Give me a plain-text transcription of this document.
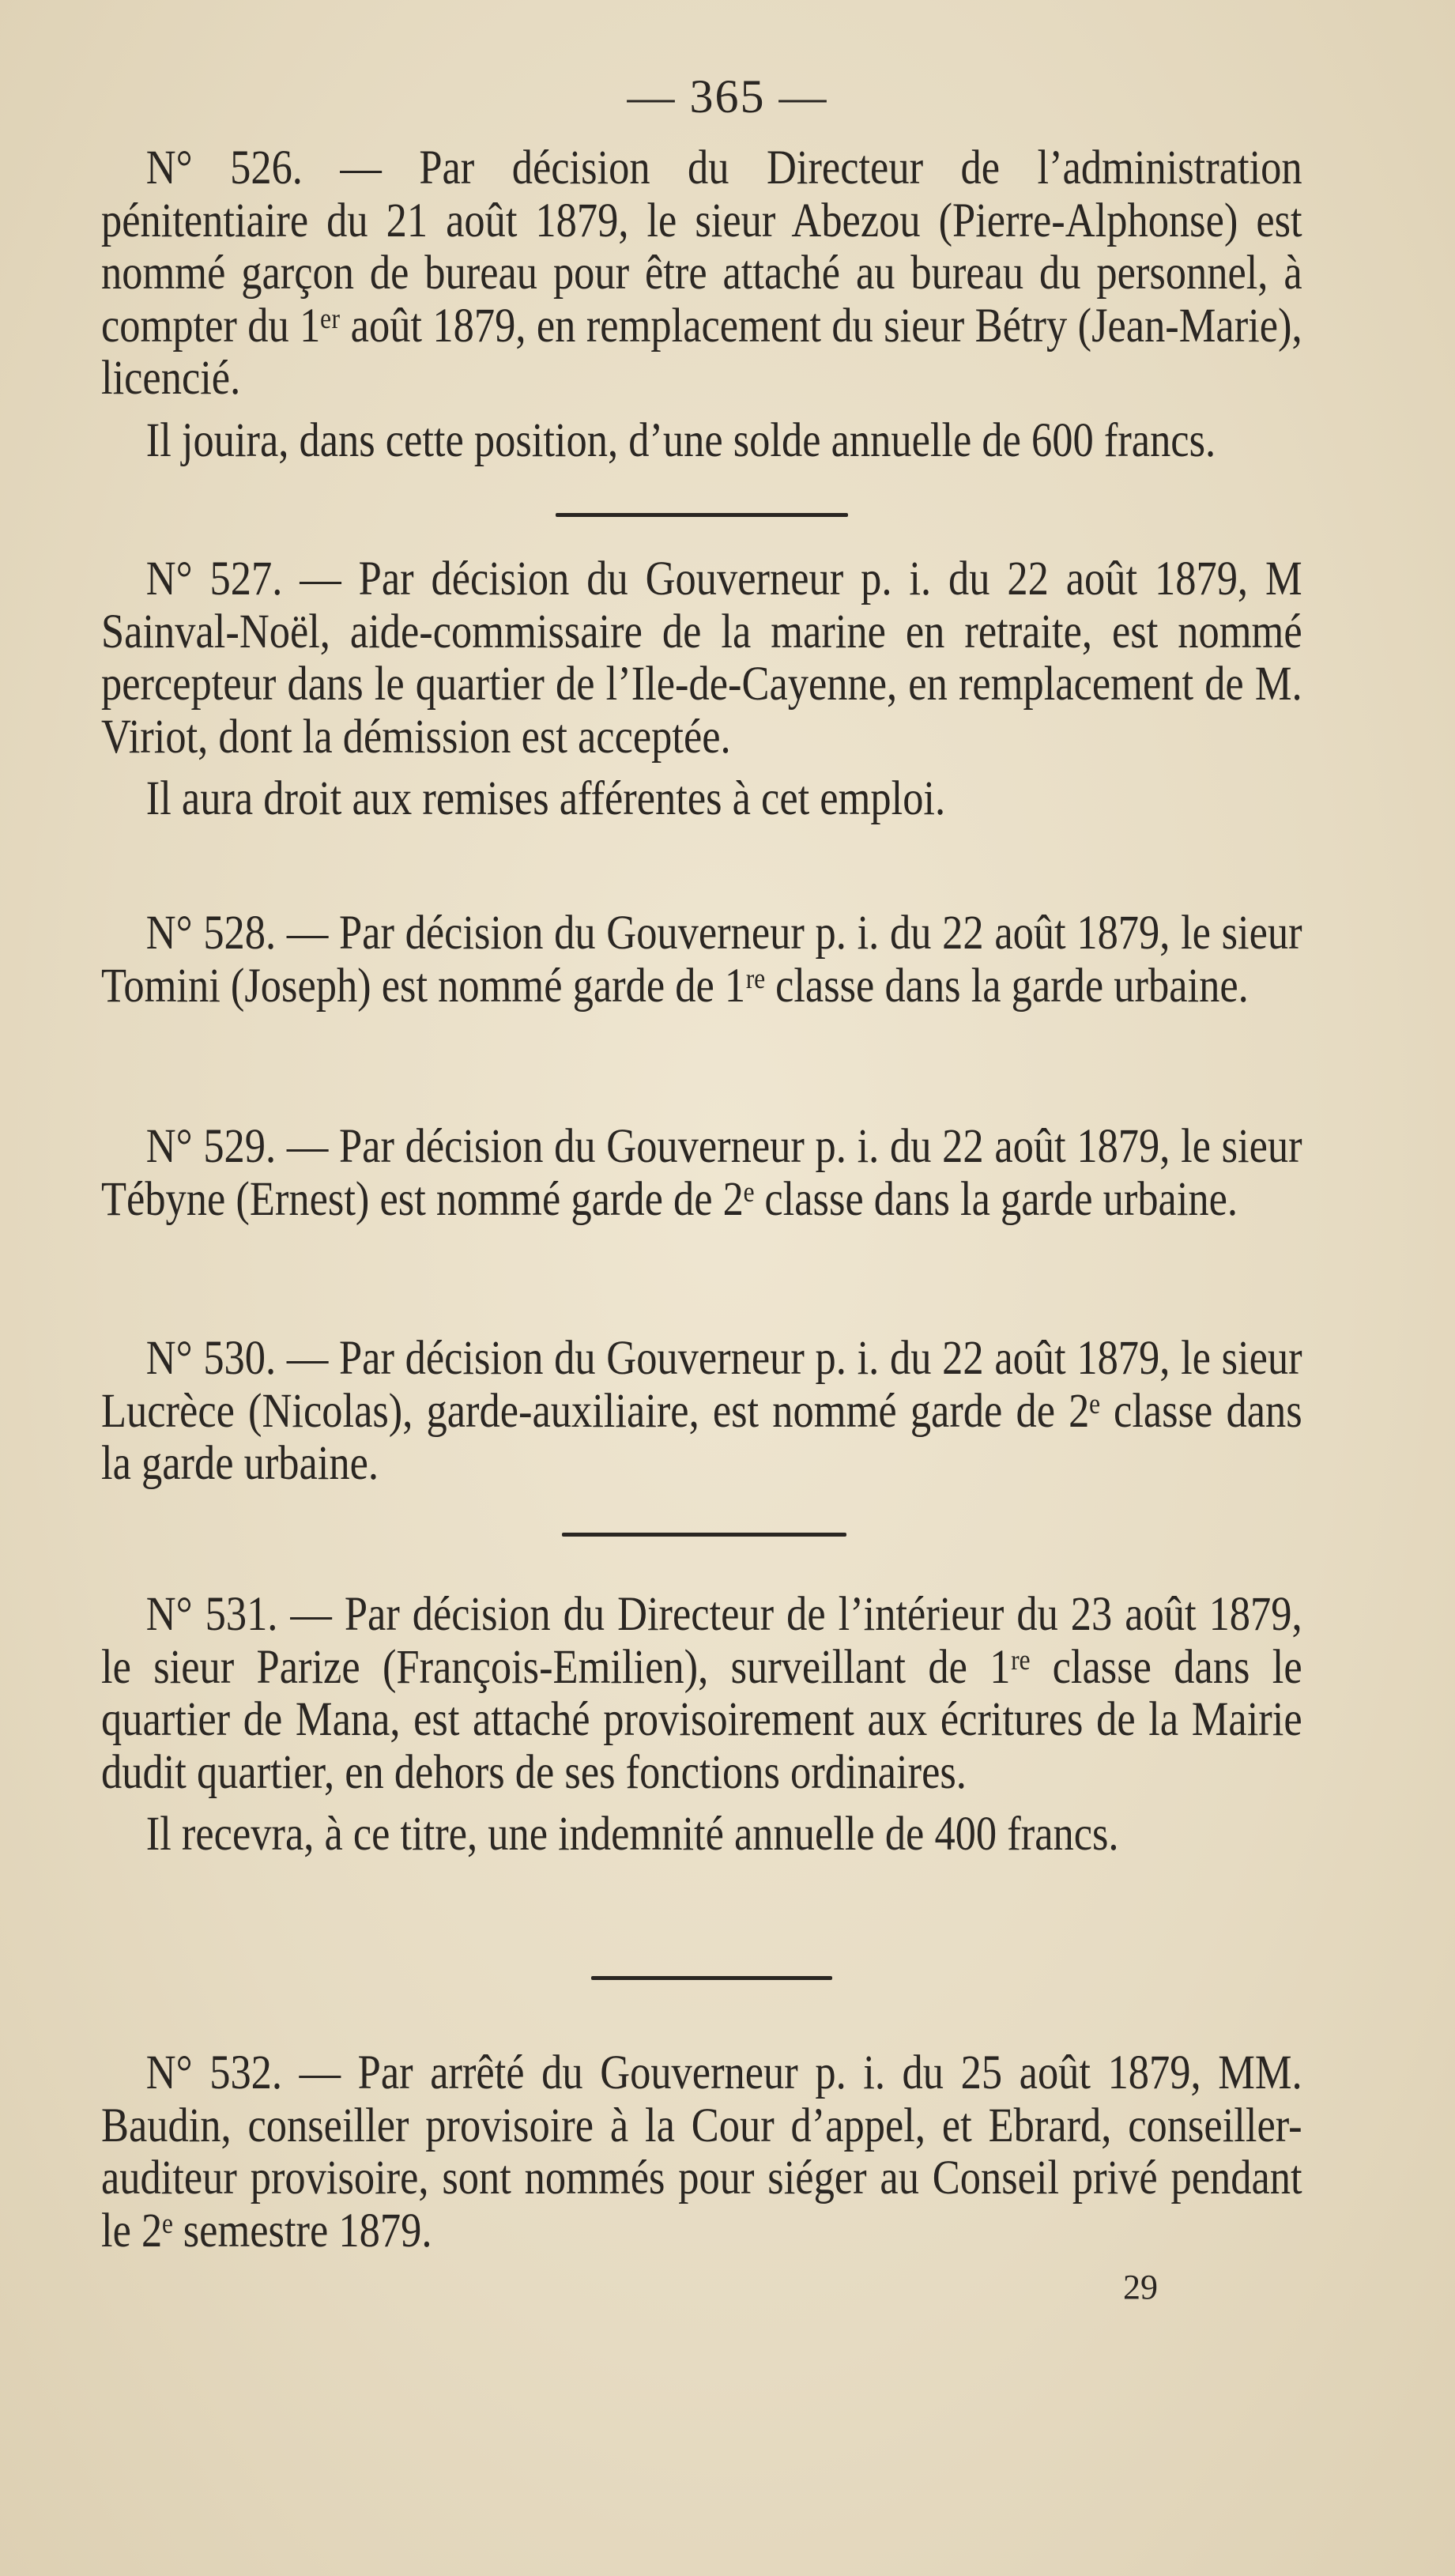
— 365 —

N° 526. — Par décision du Directeur de l’administration pénitentiaire du 21 août 1879, le sieur Abezou (Pierre-Alphonse) est nommé garçon de bureau pour être attaché au bureau du personnel, à compter du 1ᵉʳ août 1879, en remplacement du sieur Bétry (Jean-Marie), licencié.

Il jouira, dans cette position, d’une solde annuelle de 600 francs.

N° 527. — Par décision du Gouverneur p. i. du 22 août 1879, M Sainval-Noël, aide-commissaire de la marine en retraite, est nommé percepteur dans le quartier de l’Ile-de-Cayenne, en remplacement de M. Viriot, dont la démission est acceptée.

Il aura droit aux remises afférentes à cet emploi.

N° 528. — Par décision du Gouverneur p. i. du 22 août 1879, le sieur Tomini (Joseph) est nommé garde de 1ʳᵉ classe dans la garde urbaine.

N° 529. — Par décision du Gouverneur p. i. du 22 août 1879, le sieur Tébyne (Ernest) est nommé garde de 2ᵉ classe dans la garde urbaine.

N° 530. — Par décision du Gouverneur p. i. du 22 août 1879, le sieur Lucrèce (Nicolas), garde-auxiliaire, est nommé garde de 2ᵉ classe dans la garde urbaine.

N° 531. — Par décision du Directeur de l’intérieur du 23 août 1879, le sieur Parize (François-Emilien), surveillant de 1ʳᵉ classe dans le quartier de Mana, est attaché provisoirement aux écritures de la Mairie dudit quartier, en dehors de ses fonctions ordinaires.

Il recevra, à ce titre, une indemnité annuelle de 400 francs.

N° 532. — Par arrêté du Gouverneur p. i. du 25 août 1879, MM. Baudin, conseiller provisoire à la Cour d’appel, et Ebrard, conseiller-auditeur provisoire, sont nommés pour siéger au Conseil privé pendant le 2ᵉ semestre 1879.

29
